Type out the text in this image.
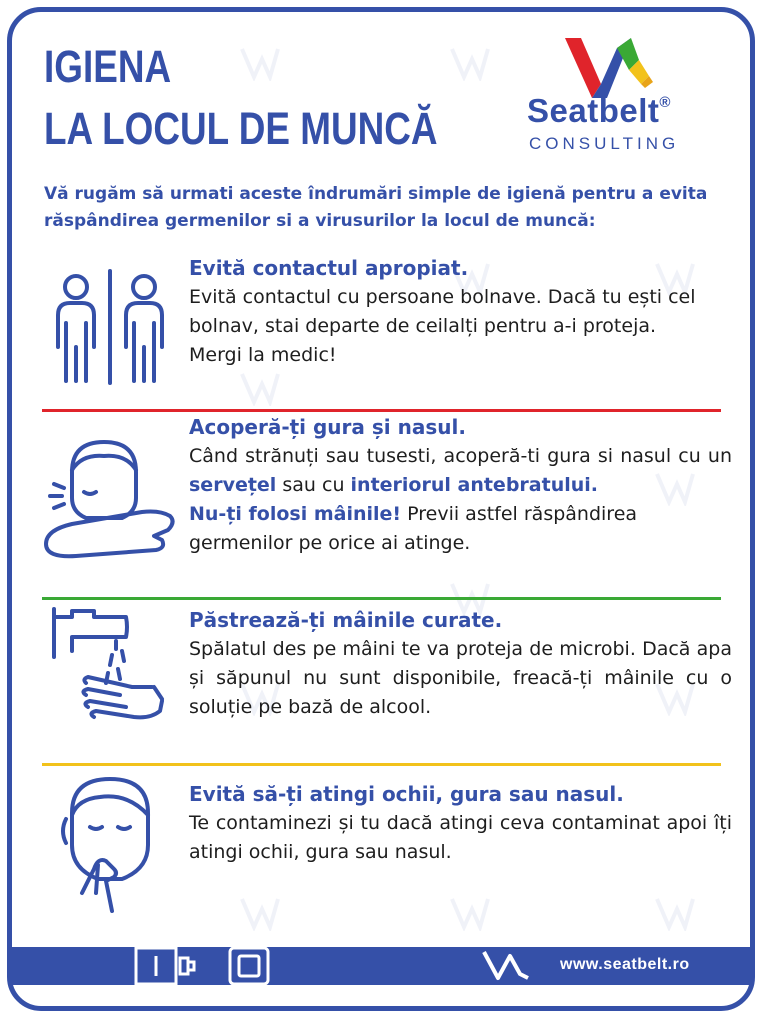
IGIENA
LA LOCUL DE MUNCĂ	Seatbelt®
CONSULTING

Vă rugăm să urmati aceste îndrumări simple de igienă pentru a evita răspândirea germenilor si a virusurilor la locul de muncă:

Evită contactul apropiat.

Evită contactul cu persoane bolnave. Dacă tu ești cel bolnav, stai departe de ceilalți pentru a-i proteja.

Mergi la medic!

Acoperă-ți gura și nasul.

Când strănuți sau tusesti, acoperă-ti gura si nasul cu un servețel sau cu interiorul antebratului.

Nu-ți folosi mâinile! Previi astfel răspândirea germenilor pe orice ai atinge.

Păstrează-ți mâinile curate.

Spălatul des pe mâini te va proteja de microbi. Dacă apa și săpunul nu sunt disponibile, freacă-ți mâinile cu o soluție pe bază de alcool.

Evită să-ți atingi ochii, gura sau nasul.

Te contaminezi și tu dacă atingi ceva contaminat apoi îți atingi ochii, gura sau nasul.

www.seatbelt.ro
